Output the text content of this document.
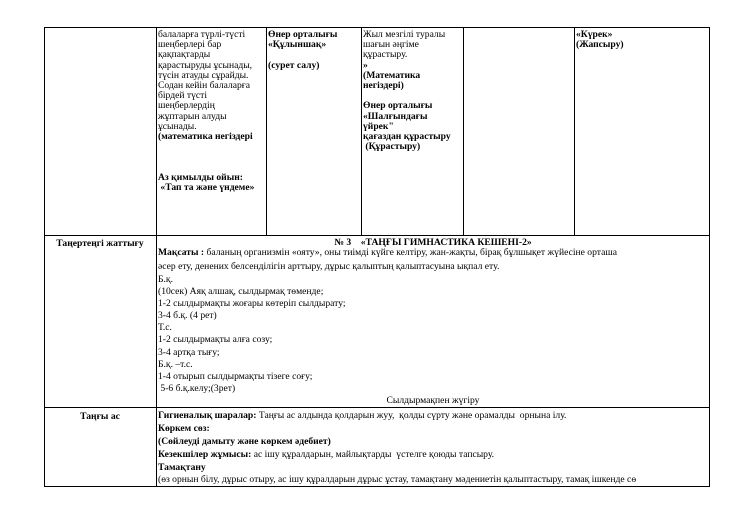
балаларға түрлі-түсті
шеңберлері бар
қақпақтарды
қарастыруды ұсынады,
түсін атауды сұрайды.
Содан кейін балаларға
бірдей түсті
шеңберлердің
жұптарын алуды
ұсынады.
(математика негіздері
Аз қимылды ойын:
«Тап та және үндеме»
Өнер орталығы
«Құлыншақ»
(сурет салу)
Жыл мезгілі туралы
шағын әңгіме
құрастыру.
»
(Математика
негіздері)
Өнер орталығы
«Шалғындағы
үйрек"
қағаздан құрастыру
(Құрастыру)
«Күрек»
(Жапсыру)
Таңертеңгі жаттығу	№ 3    «ТАҢҒЫ ГИМНАСТИКА КЕШЕНІ-2»
Мақсаты : баланың организмін «ояту», оны тиімді күйге келтіру, жан-жақты, бірақ бұлшықет жүйесіне орташа
әсер ету, денених белсенділігін арттыру, дұрыс қалыптың қалыптасуына ықпал ету.
Б.қ.
(10сек) Аяқ алшақ, сылдырмақ төменде;
1-2 сылдырмақты жоғары көтеріп сылдырату;
3-4 б.қ. (4 рет)
Т.с.
1-2 сылдырмақты алға созу;
3-4 артқа тығу;
Б.қ. –т.с.
1-4 отырып сылдырмақты тізеге соғу;
5-6 б.қ.келу;(3рет)
Сылдырмақпен жүгіру
Таңғы ас	Гигиеналық шаралар: Таңғы ас алдында қолдарын жуу,  қолды сүрту және орамалды  орнына ілу.
Көркем сөз:
(Сөйлеуді дамыту және көркем әдебиет)
Кезекшілер жұмысы: ас ішу құралдарын, майлықтарды  үстелге қоюды тапсыру.
Тамақтану
(өз орнын білу, дұрыс отыру, ас ішу құралдарын дұрыс ұстау, тамақтану мәдениетін қалыптастыру, тамақ ішкенде сө
